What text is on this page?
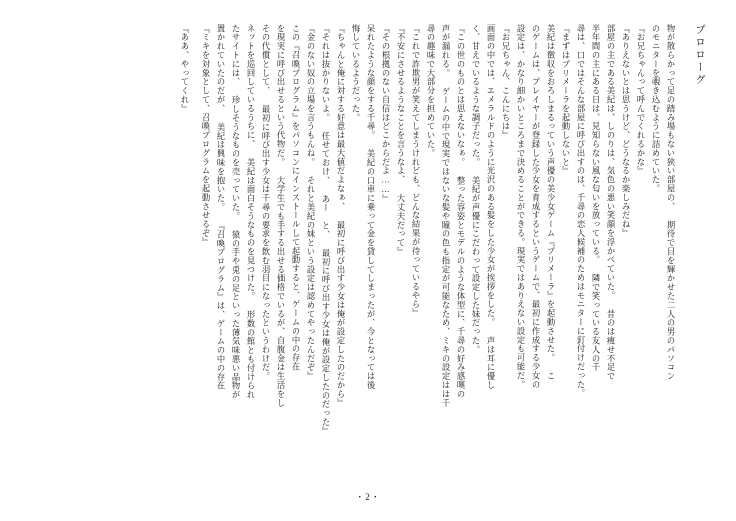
プロローグ
物が散らかって足の踏み場もない狭い部屋の、 期待で目を輝かせた二人の男のパソコン
のモニターを覗き込むように詰めていた。
『お兄ちゃんって呼んでくれるかな』
『ありえないとは思うけど、どうなるか楽しみだね』
部屋の主である美紀は、しのりは、気色の悪い笑顔を浮かべていた。 昔のは痩せ不足で
半年間の主にある日は、見知らない風な匂いを放っている。 隣で笑っている友人の千
尋は、口ではそんな部屋に呼び出すのは、千尋の恋人候補のためはモニターに釘付けだった。
『まずはプリメーラを起動しないと』
美紀は徴収をおろしまるっていう声優の美少女ゲーム『プリメーラ』を起動させた。 こ
のゲームは、プレイヤーが登録した少女を育成するというゲームで、最初に作成する少女の
設定は、かなり細かいところまで決めることができる。現実ではありえない設定も可能だ。
『お兄ちゃん、こんにちは』
画面の中では、エメラルドのように光沢のある髪をした少女が挨拶をした。 声は耳に優し
く、甘えでいるような調子だった。 美紀が声優にこだわって設定した妹だった。
『この世のものとは思えないなぁ。 整った容姿とモデルのような体型に、千尋の好み感嘆の
声が漏れる。 ゲームの中で現実ではないな髪や瞳の色も指定が可能なため、ミキの設定はは千
尋の趣味で大部分を担めていた。
『これで詐欺男が笑えてしまうけれども、どんな結果が待っているやら』
『不安にさせるようなことを言うなよ、 大丈夫だって』
『その根拠のない自信はどこからだよ……』
呆れたような顔をする千尋。 美紀の口車に乗って金を貸してしまったが、今となっては後
悔しているようだった。
『ちゃんと俺に対する好意は最大値だよなぁ、 最初に呼び出す少女は俺が設定したのだから』
『それは抜かりないよ。 任せておけ、 あー　と、 最初に呼び出す少女は俺が設定したのだった』
『金のない奴の立場を言うもんね。 それと美紀の妹という設定は認めてやったんだぞ』
この『召喚プログラム』をパソコンにインストールして起動すると、ゲームの中の存在
を現実に呼び出せるという代物だ。 大学生でも手する出せる価格でいるが、自腹金は生活をし
その代償として、 最初に呼び出す少女は千尋の要求を飲む羽目になったというわけだ。
ネットを巡回しているうちに、 美紀は面白そうなものを見つけた。 形数の館とも付けられ
たサイトには、 珍しそうなものを売っていた。 猿の手や兎の足といった薄気味悪い品物が
置かれていたのだが、 美紀は興味を抱いた。 『召喚プログラム』は、ゲームの中の存在
『ミキを対象として、召喚プログラムを起動させるぞ』
『ああ、やってくれ』
・2・
